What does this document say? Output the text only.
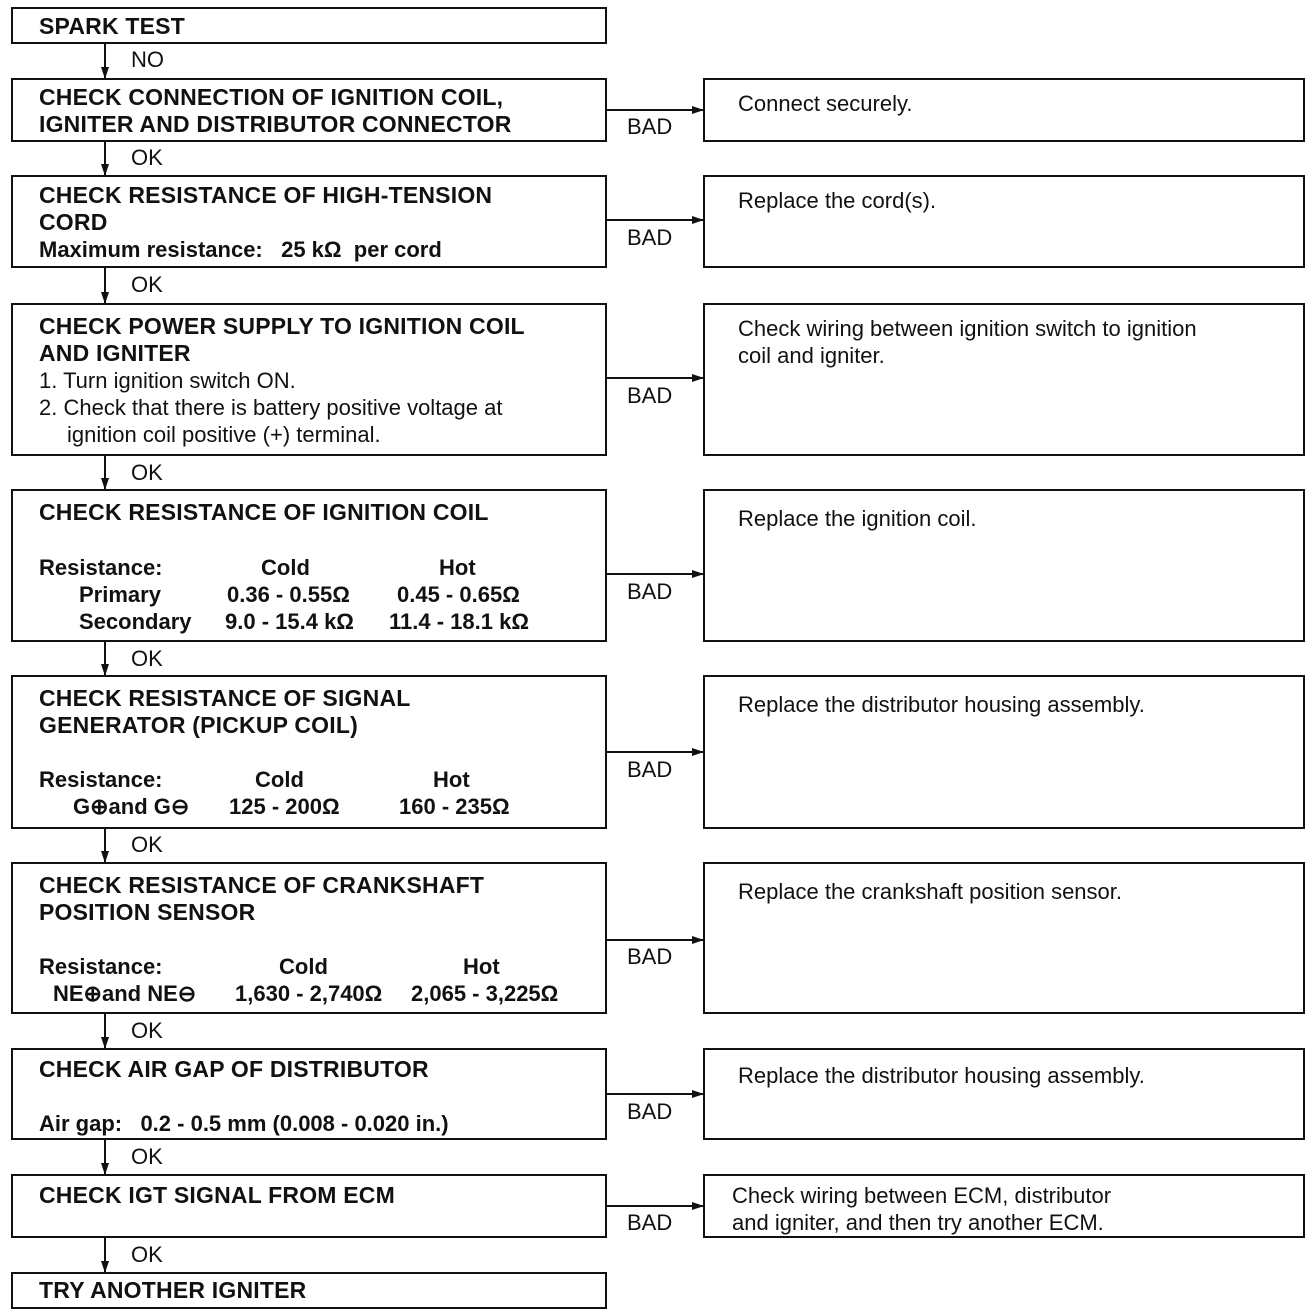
SPARK TEST
NO
CHECK CONNECTION OF IGNITION COIL,
IGNITER AND DISTRIBUTOR CONNECTOR
Connect securely.
BAD
OK
CHECK RESISTANCE OF HIGH-TENSION
CORD
Maximum resistance:   25 kΩ  per cord
Replace the cord(s).
BAD
OK
CHECK POWER SUPPLY TO IGNITION COIL
AND IGNITER
1. Turn ignition switch ON.
2. Check that there is battery positive voltage at
ignition coil positive (+) terminal.
Check wiring between ignition switch to ignition
coil and igniter.
BAD
OK
CHECK RESISTANCE OF IGNITION COIL
Resistance:	Cold	Hot
Primary	0.36 - 0.55Ω 0.45 - 0.65Ω
Secondary 9.0 - 15.4 kΩ 11.4 - 18.1 kΩ
Replace the ignition coil.
BAD
OK
CHECK RESISTANCE OF SIGNAL
GENERATOR (PICKUP COIL)
Resistance:	Cold	Hot
G⊕and G⊖ 125 - 200Ω	160 - 235Ω
Replace the distributor housing assembly.
BAD
OK
CHECK RESISTANCE OF CRANKSHAFT
POSITION SENSOR
Resistance:	Cold	Hot
NE⊕and NE⊖ 1,630 - 2,740Ω 2,065 - 3,225Ω
Replace the crankshaft position sensor.
BAD
OK
CHECK AIR GAP OF DISTRIBUTOR
Air gap:   0.2 - 0.5 mm (0.008 - 0.020 in.)
Replace the distributor housing assembly.
BAD
OK
CHECK IGT SIGNAL FROM ECM	Check wiring between ECM, distributor
and igniter, and then try another ECM.
BAD
OK
TRY ANOTHER IGNITER
